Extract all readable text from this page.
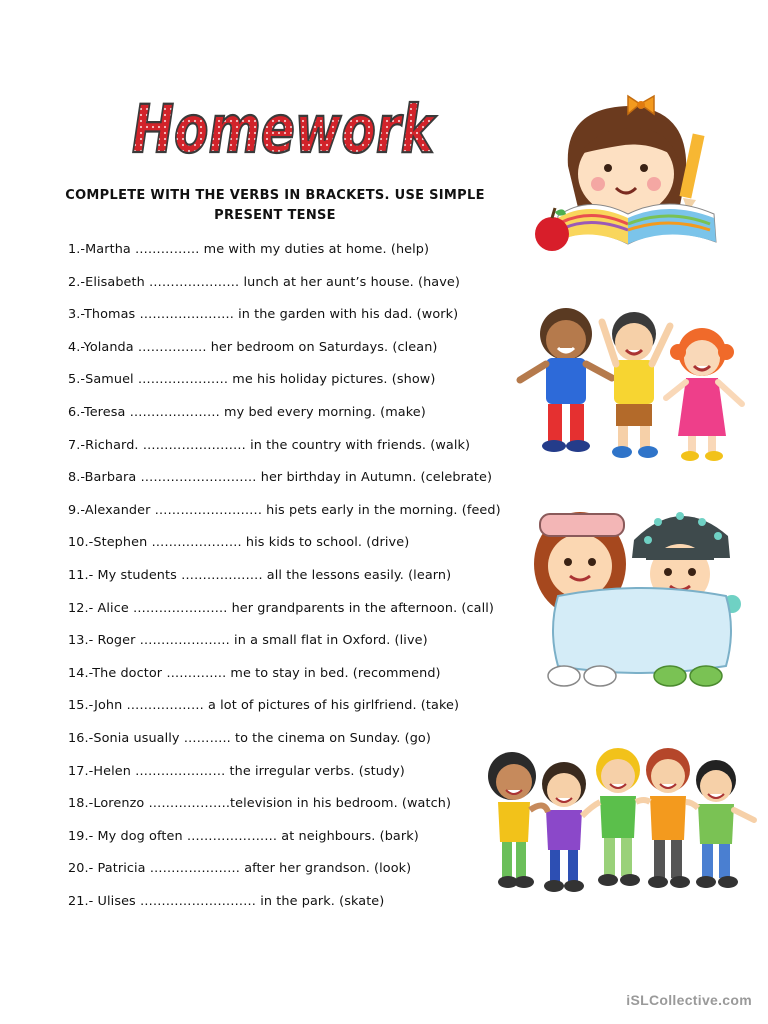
Homework
COMPLETE WITH THE VERBS IN BRACKETS. USE SIMPLE
PRESENT TENSE
1.-Martha …………… me with my duties at home. (help)
2.-Elisabeth ………………… lunch at her aunt’s house. (have)
3.-Thomas …………………. in the garden with his dad. (work)
4.-Yolanda ……………. her bedroom on Saturdays. (clean)
5.-Samuel ………………… me his holiday pictures. (show)
6.-Teresa ………………… my bed every morning. (make)
7.-Richard. …………………… in the country with friends. (walk)
8.-Barbara ……………………… her birthday in Autumn. (celebrate)
9.-Alexander ……………………. his pets early in the morning. (feed)
10.-Stephen ………………… his kids to school. (drive)
11.- My students ………………. all the lessons easily. (learn)
12.- Alice …………………. her grandparents in the afternoon. (call)
13.- Roger ………………… in a small flat in Oxford. (live)
14.-The doctor ………….. me to stay in bed. (recommend)
15.-John ……………… a lot of pictures of his girlfriend. (take)
16.-Sonia usually ……….. to the cinema on Sunday. (go)
17.-Helen ………………… the irregular verbs. (study)
18.-Lorenzo ……………….television in his bedroom. (watch)
19.- My dog often ………………… at neighbours. (bark)
20.- Patricia ………………… after her grandson. (look)
21.- Ulises ……………………… in the park. (skate)
iSLCollective.com
